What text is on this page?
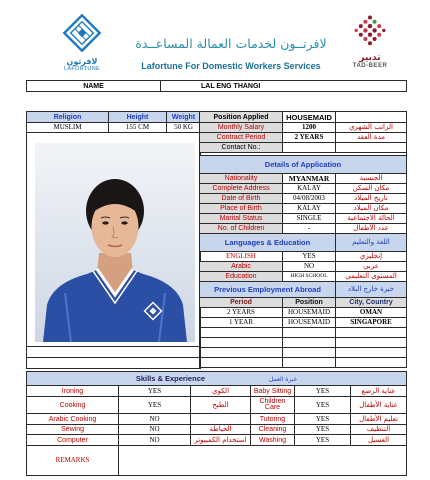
لافرتون
LAFORTUNE
لافرتــون لخدمات العمالة المساعــدة
Lafortune For Domestic Workers Services
تدبير
TAD-BEER
NAME	LAL ENG THANGI
Religion	Height	Weight
MUSLIM	155 CM	50 KG

Position Applied	HOUSEMAID	
Monthly Salary	1200	الراتب الشهري
Contract Period	2 YEARS	مدة العقد
Contact No.:		

Details of Application		
Nationality	MYANMAR	الجنسية
Complete Address	KALAY	مكان السكن
Date of Birth	04/08/2003	تاريخ الميلاد
Place of Birth	KALAY	مكان الميلاد
Marital Status	SINGLE	الحالة الاجتماعية
No. of Children	-	عدد الأطفال
Languages & Education		اللغة والتعليم
ENGLISH	YES	إنجليزي
Arabic	NO	عربي
Education	HIGH SCHOOL	المستوى التعليمي
Previous Employment Abroad		خبرة خارج البلاد
Period	Position	City, Country
2 YEARS	HOUSEMAID	OMAN
1 YEAR	HOUSEMAID	SINGAPORE

Skills & Experience خبرة العمل					
Ironing	YES	الكوي	Baby Sitting	YES	عناية الرضع
Cooking	YES	الطبخ	Children Care	YES	عناية الأطفال
Arabic Cooking	NO		Tutoring	YES	تعليم الأطفال
Sewing	NO	الخياطة	Cleaning	YES	التنظيف
Computer	NO	استخدام الكمبيوتر	Washing	YES	الغسيل
REMARKS					
